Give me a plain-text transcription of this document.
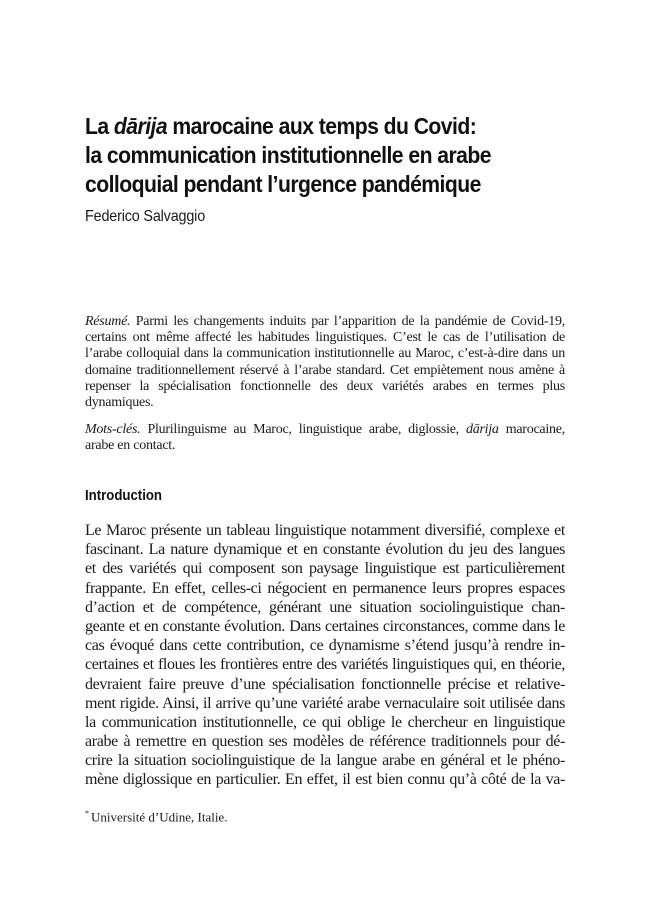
La dārija marocaine aux temps du Covid:
la communication institutionnelle en arabe
colloquial pendant l’urgence pandémique
Federico Salvaggio

Résumé. Parmi les changements induits par l’apparition de la pandémie de Covid-19, certains ont même affecté les habitudes linguistiques. C’est le cas de l’utilisation de l’arabe colloquial dans la communication institutionnelle au Maroc, c’est-à-dire dans un domaine traditionnellement réservé à l’arabe standard. Cet empiètement nous amène à repenser la spécialisation fonctionnelle des deux variétés arabes en termes plus dynamiques.

Mots-clés. Plurilinguisme au Maroc, linguistique arabe, diglossie, dārija marocaine, arabe en contact.

Introduction
Le Maroc présente un tableau linguistique notamment diversifié, complexe et
fascinant. La nature dynamique et en constante évolution du jeu des langues
et des variétés qui composent son paysage linguistique est particulièrement
frappante. En effet, celles-ci négocient en permanence leurs propres espaces
d’action et de compétence, générant une situation sociolinguistique chan-
geante et en constante évolution. Dans certaines circonstances, comme dans le
cas évoqué dans cette contribution, ce dynamisme s’étend jusqu’à rendre in-
certaines et floues les frontières entre des variétés linguistiques qui, en théorie,
devraient faire preuve d’une spécialisation fonctionnelle précise et relative-
ment rigide. Ainsi, il arrive qu’une variété arabe vernaculaire soit utilisée dans
la communication institutionnelle, ce qui oblige le chercheur en linguistique
arabe à remettre en question ses modèles de référence traditionnels pour dé-
crire la situation sociolinguistique de la langue arabe en général et le phéno-
mène diglossique en particulier. En effet, il est bien connu qu’à côté de la va-
* Université d’Udine, Italie.
